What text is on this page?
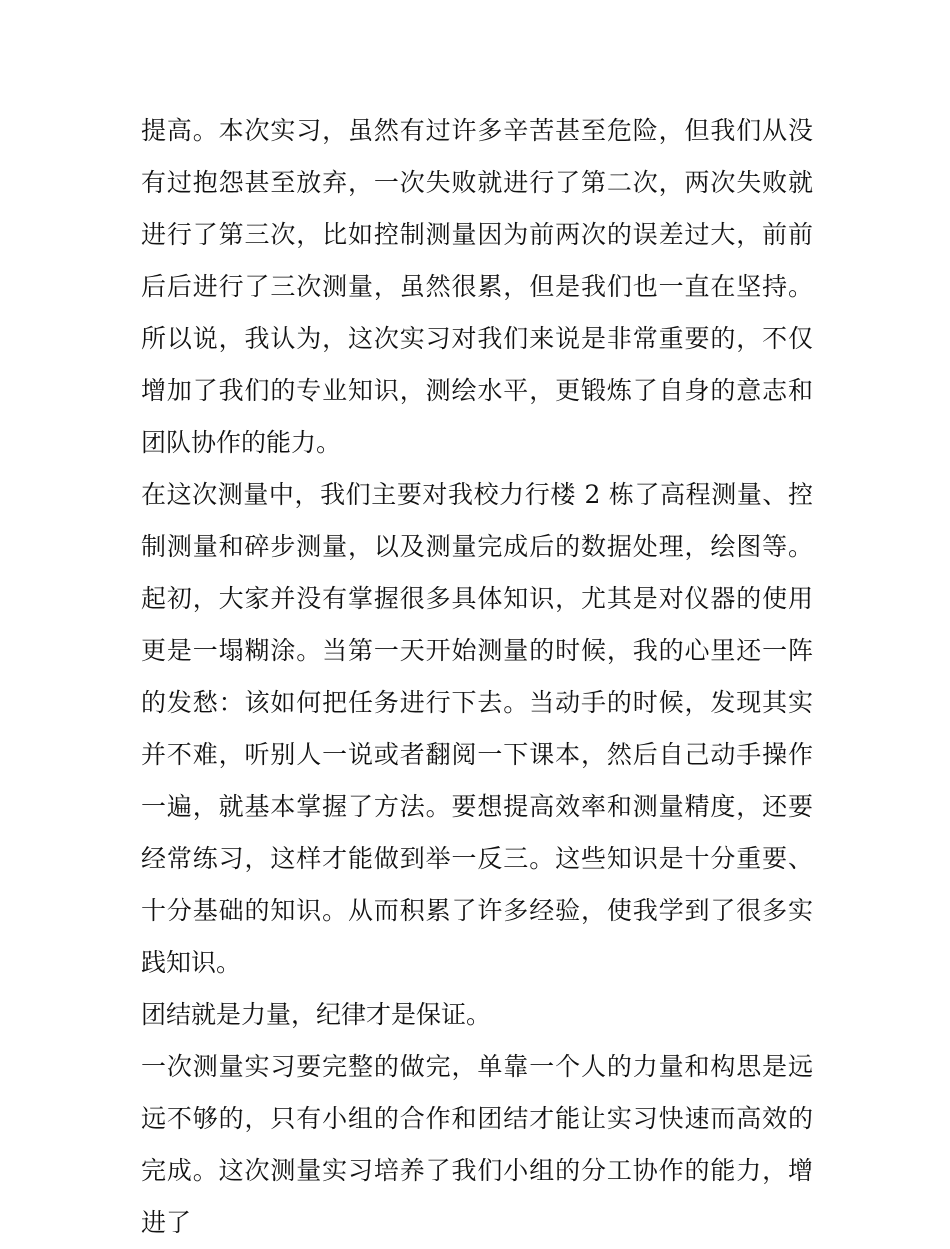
提高。本次实习，虽然有过许多辛苦甚至危险，但我们从没有过抱怨甚至放弃，一次失败就进行了第二次，两次失败就进行了第三次，比如控制测量因为前两次的误差过大，前前后后进行了三次测量，虽然很累，但是我们也一直在坚持。所以说，我认为，这次实习对我们来说是非常重要的，不仅增加了我们的专业知识，测绘水平，更锻炼了自身的意志和团队协作的能力。

在这次测量中，我们主要对我校力行楼 2 栋了高程测量、控制测量和碎步测量，以及测量完成后的数据处理，绘图等。起初，大家并没有掌握很多具体知识，尤其是对仪器的使用更是一塌糊涂。当第一天开始测量的时候，我的心里还一阵的发愁：该如何把任务进行下去。当动手的时候，发现其实并不难，听别人一说或者翻阅一下课本，然后自己动手操作一遍，就基本掌握了方法。要想提高效率和测量精度，还要经常练习，这样才能做到举一反三。这些知识是十分重要、十分基础的知识。从而积累了许多经验，使我学到了很多实践知识。

团结就是力量，纪律才是保证。

一次测量实习要完整的做完，单靠一个人的力量和构思是远远不够的，只有小组的合作和团结才能让实习快速而高效的完成。这次测量实习培养了我们小组的分工协作的能力，增进了
